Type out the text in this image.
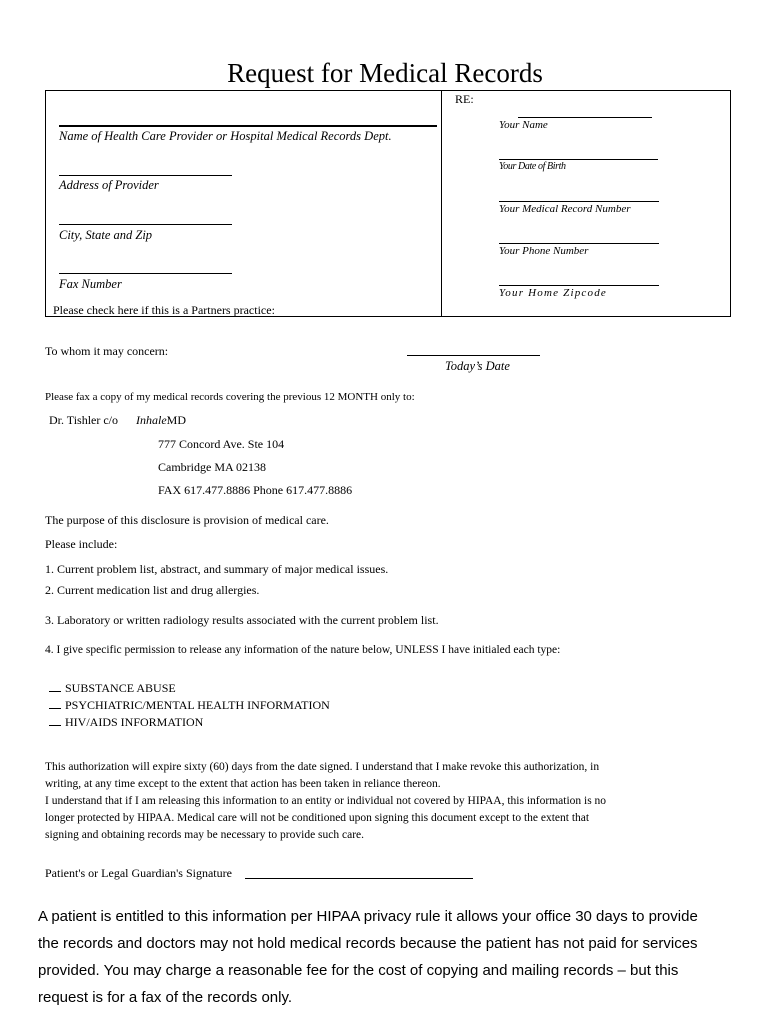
Request for Medical Records
Name of Health Care Provider or Hospital Medical Records Dept.
Address of Provider
City, State and Zip
Fax Number
Please check here if this is a Partners practice:
RE:
Your Name
Your Date of Birth
Your Medical Record Number
Your Phone Number
Your Home Zipcode
To whom it may concern:
Today’s Date
Please fax a copy of my medical records covering the previous 12 MONTH only to:
Dr. Tishler c/o InhaleMD
777 Concord Ave. Ste 104
Cambridge MA 02138
FAX 617.477.8886 Phone 617.477.8886
The purpose of this disclosure is provision of medical care.
Please include:
1. Current problem list, abstract, and summary of major medical issues.
2. Current medication list and drug allergies.
3. Laboratory or written radiology results associated with the current problem list.
4. I give specific permission to release any information of the nature below, UNLESS I have initialed each type:
SUBSTANCE ABUSE
PSYCHIATRIC/MENTAL HEALTH INFORMATION
HIV/AIDS INFORMATION
This authorization will expire sixty (60) days from the date signed. I understand that I make revoke this authorization, in
writing, at any time except to the extent that action has been taken in reliance thereon.
I understand that if I am releasing this information to an entity or individual not covered by HIPAA, this information is no
longer protected by HIPAA. Medical care will not be conditioned upon signing this document except to the extent that
signing and obtaining records may be necessary to provide such care.
Patient's or Legal Guardian's Signature
A patient is entitled to this information per HIPAA privacy rule it allows your office 30 days to provide
the records and doctors may not hold medical records because the patient has not paid for services
provided. You may charge a reasonable fee for the cost of copying and mailing records – but this
request is for a fax of the records only.
